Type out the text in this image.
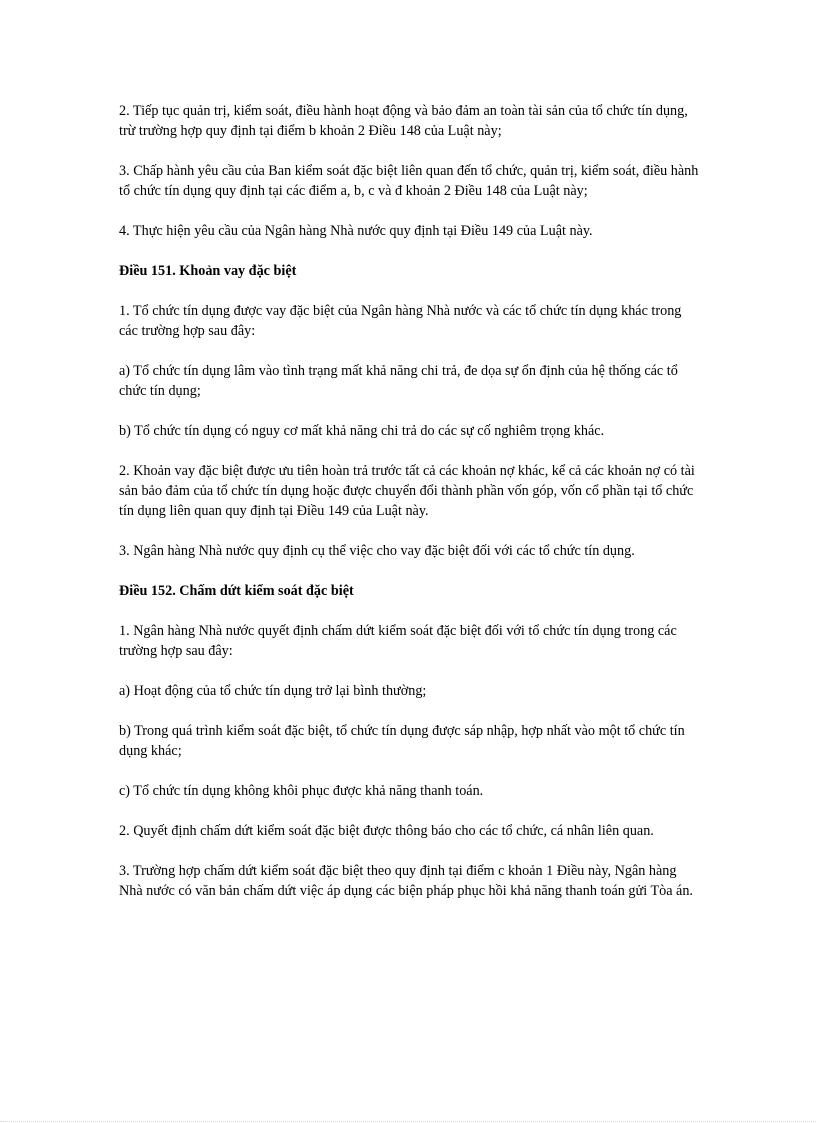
2. Tiếp tục quản trị, kiểm soát, điều hành hoạt động và bảo đảm an toàn tài sản của tổ chức tín dụng, trừ trường hợp quy định tại điểm b khoản 2 Điều 148 của Luật này;

3. Chấp hành yêu cầu của Ban kiểm soát đặc biệt liên quan đến tổ chức, quản trị, kiểm soát, điều hành tổ chức tín dụng quy định tại các điểm a, b, c và đ khoản 2 Điều 148 của Luật này;

4. Thực hiện yêu cầu của Ngân hàng Nhà nước quy định tại Điều 149 của Luật này.

Điều 151. Khoản vay đặc biệt

1. Tổ chức tín dụng được vay đặc biệt của Ngân hàng Nhà nước và các tổ chức tín dụng khác trong các trường hợp sau đây:

a) Tổ chức tín dụng lâm vào tình trạng mất khả năng chi trả, đe dọa sự ổn định của hệ thống các tổ chức tín dụng;

b) Tổ chức tín dụng có nguy cơ mất khả năng chi trả do các sự cố nghiêm trọng khác.

2. Khoản vay đặc biệt được ưu tiên hoàn trả trước tất cả các khoản nợ khác, kể cả các khoản nợ có tài sản bảo đảm của tổ chức tín dụng hoặc được chuyển đổi thành phần vốn góp, vốn cổ phần tại tổ chức tín dụng liên quan quy định tại Điều 149 của Luật này.

3. Ngân hàng Nhà nước quy định cụ thể việc cho vay đặc biệt đối với các tổ chức tín dụng.

Điều 152. Chấm dứt kiểm soát đặc biệt

1. Ngân hàng Nhà nước quyết định chấm dứt kiểm soát đặc biệt đối với tổ chức tín dụng trong các trường hợp sau đây:

a) Hoạt động của tổ chức tín dụng trở lại bình thường;

b) Trong quá trình kiểm soát đặc biệt, tổ chức tín dụng được sáp nhập, hợp nhất vào một tổ chức tín dụng khác;

c) Tổ chức tín dụng không khôi phục được khả năng thanh toán.

2. Quyết định chấm dứt kiểm soát đặc biệt được thông báo cho các tổ chức, cá nhân liên quan.

3. Trường hợp chấm dứt kiểm soát đặc biệt theo quy định tại điểm c khoản 1 Điều này, Ngân hàng Nhà nước có văn bản chấm dứt việc áp dụng các biện pháp phục hồi khả năng thanh toán gửi Tòa án.
